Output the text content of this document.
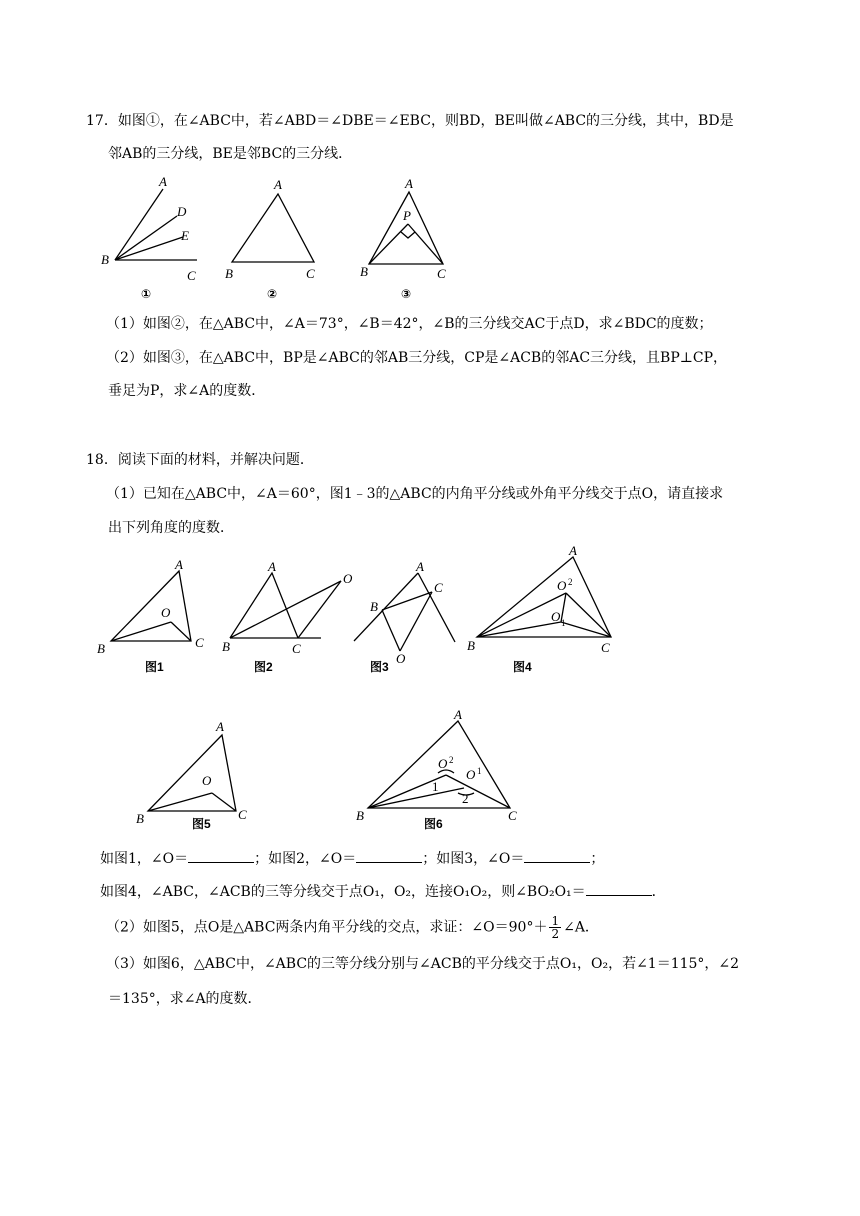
17．如图①，在∠ABC中，若∠ABD＝∠DBE＝∠EBC，则BD，BE叫做∠ABC的三分线，其中，BD是
邻AB的三分线，BE是邻BC的三分线．
A
D
E
B
C
①
A
B	C
②
A
P
B	C
③
（1）如图②，在△ABC中，∠A＝73°，∠B＝42°，∠B的三分线交AC于点D，求∠BDC的度数；
（2）如图③，在△ABC中，BP是∠ABC的邻AB三分线，CP是∠ACB的邻AC三分线，且BP⊥CP，
垂足为P，求∠A的度数．
18．阅读下面的材料，并解决问题．
（1）已知在△ABC中，∠A＝60°，图1﹣3的△ABC的内角平分线或外角平分线交于点O，请直接求
出下列角度的度数．
A
O
B	C
图1
A
O
B	C
图2
A
B
C
O
图3
A
O 2
O 1
B	C
图4
A
O
B	C
图5
A
O 2
O 1
1
2
B	C
图6
如图1，∠O＝	；如图2，∠O＝	；如图3，∠O＝	；
如图4，∠ABC，∠ACB的三等分线交于点O₁，O₂，连接O₁O₂，则∠BO₂O₁＝	．
（2）如图5，点O是△ABC两条内角平分线的交点，求证：∠O＝90°＋ $\frac{1}{2}$ ∠A．
（3）如图6，△ABC中，∠ABC的三等分线分别与∠ACB的平分线交于点O₁，O₂，若∠1＝115°，∠2
＝135°，求∠A的度数．
